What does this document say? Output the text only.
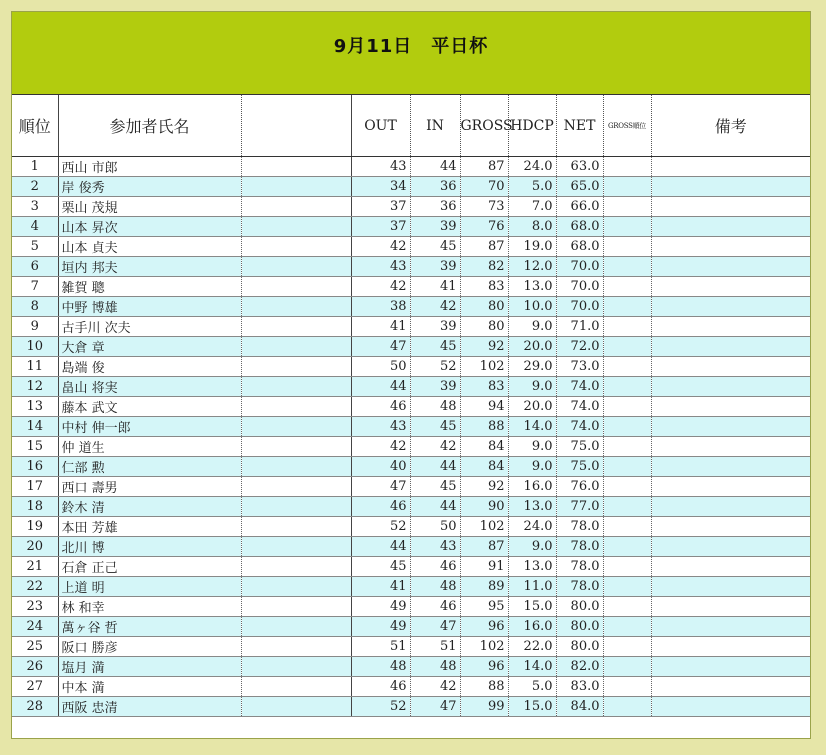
9月11日　平日杯
順位	参加者氏名		OUT	IN	GROSS	HDCP	NET	GROSS順位	備考
1	西山 市郎		43	44	87	24.0	63.0		
2	岸 俊秀		34	36	70	5.0	65.0		
3	栗山 茂規		37	36	73	7.0	66.0		
4	山本 昇次		37	39	76	8.0	68.0		
5	山本 貞夫		42	45	87	19.0	68.0		
6	垣内 邦夫		43	39	82	12.0	70.0		
7	雑賀 聰		42	41	83	13.0	70.0		
8	中野 博雄		38	42	80	10.0	70.0		
9	古手川 次夫		41	39	80	9.0	71.0		
10	大倉 章		47	45	92	20.0	72.0		
11	島端 俊		50	52	102	29.0	73.0		
12	畠山 将実		44	39	83	9.0	74.0		
13	藤本 武文		46	48	94	20.0	74.0		
14	中村 伸一郎		43	45	88	14.0	74.0		
15	仲 道生		42	42	84	9.0	75.0		
16	仁部 勲		40	44	84	9.0	75.0		
17	西口 壽男		47	45	92	16.0	76.0		
18	鈴木 清		46	44	90	13.0	77.0		
19	本田 芳雄		52	50	102	24.0	78.0		
20	北川 博		44	43	87	9.0	78.0		
21	石倉 正己		45	46	91	13.0	78.0		
22	上道 明		41	48	89	11.0	78.0		
23	林 和幸		49	46	95	15.0	80.0		
24	萬ヶ谷 哲		49	47	96	16.0	80.0		
25	阪口 勝彦		51	51	102	22.0	80.0		
26	塩月 満		48	48	96	14.0	82.0		
27	中本 満		46	42	88	5.0	83.0		
28	西阪 忠清		52	47	99	15.0	84.0		
